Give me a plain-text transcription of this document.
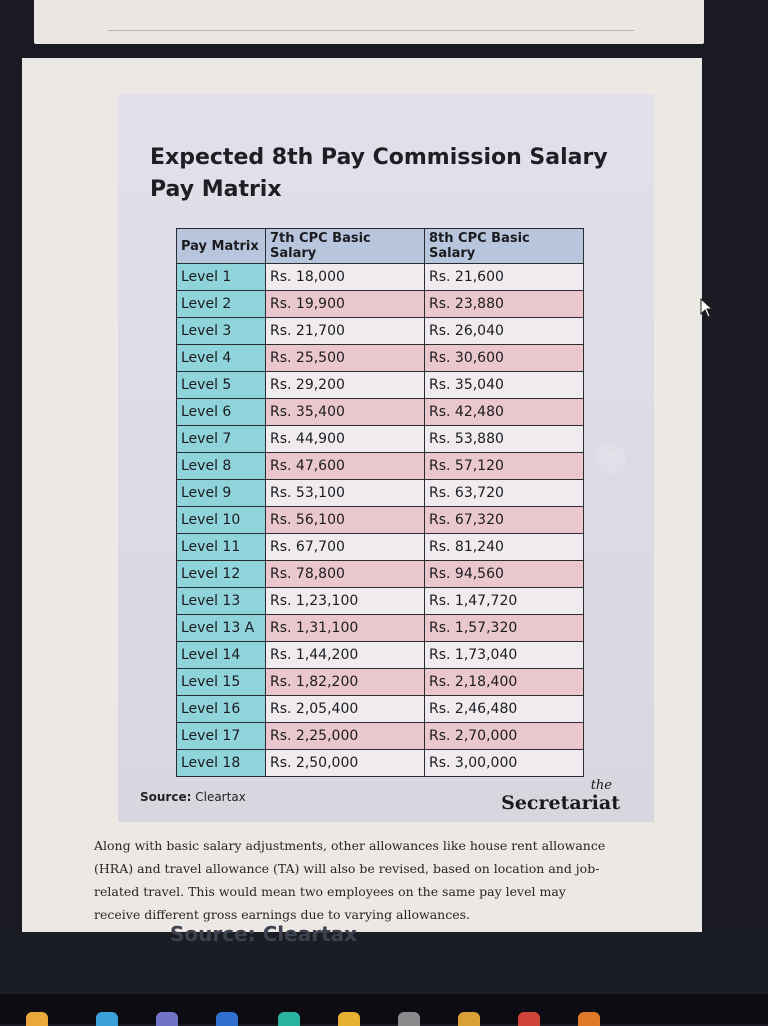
Expected 8th Pay Commission Salary Pay Matrix
Pay Matrix	7th CPC Basic Salary	8th CPC Basic Salary
Level 1	Rs. 18,000	Rs. 21,600
Level 2	Rs. 19,900	Rs. 23,880
Level 3	Rs. 21,700	Rs. 26,040
Level 4	Rs. 25,500	Rs. 30,600
Level 5	Rs. 29,200	Rs. 35,040
Level 6	Rs. 35,400	Rs. 42,480
Level 7	Rs. 44,900	Rs. 53,880
Level 8	Rs. 47,600	Rs. 57,120
Level 9	Rs. 53,100	Rs. 63,720
Level 10	Rs. 56,100	Rs. 67,320
Level 11	Rs. 67,700	Rs. 81,240
Level 12	Rs. 78,800	Rs. 94,560
Level 13	Rs. 1,23,100	Rs. 1,47,720
Level 13 A	Rs. 1,31,100	Rs. 1,57,320
Level 14	Rs. 1,44,200	Rs. 1,73,040
Level 15	Rs. 1,82,200	Rs. 2,18,400
Level 16	Rs. 2,05,400	Rs. 2,46,480
Level 17	Rs. 2,25,000	Rs. 2,70,000
Level 18	Rs. 2,50,000	Rs. 3,00,000
Source: Cleartax
the
Secretariat

Along with basic salary adjustments, other allowances like house rent allowance (HRA) and travel allowance (TA) will also be revised, based on location and job-related travel. This would mean two employees on the same pay level may receive different gross earnings due to varying allowances.

⌃
Source: Cleartax
